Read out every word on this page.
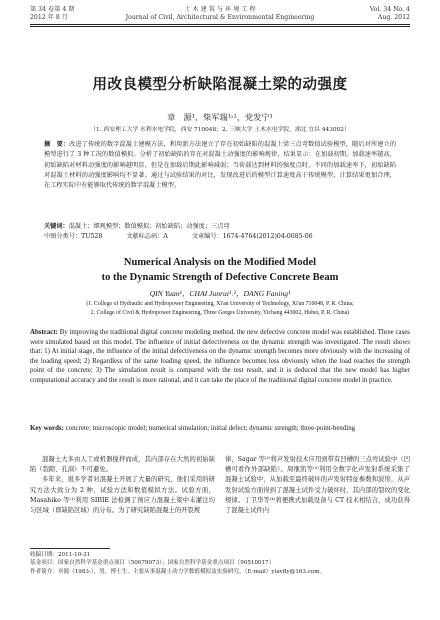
第 34 卷第 4 期
2012 年 8 月
土 木 建 筑 与 环 境 工 程
Journal of Civil, Architectural & Environmental Engineering
Vol. 34 No. 4
Aug. 2012
用改良模型分析缺陷混凝土梁的动强度
章　源¹，柴军瑞¹˒²，党发宁¹
（1. 西安理工大学 水利水电学院，西安 710048；2. 三峡大学 土木水电学院，湖北 宜昌 443002）
摘　要：改进了传统的数字混凝土建模方法，利用新方法建立了存在初始缺陷的混凝土梁三点弯数值试验模型，随后对所建立的模型进行了 3 种工况的数值模拟。分析了初始缺陷的存在对混凝土动强度的影响规律，结果显示：在加载初期，加载速率越高，初始缺陷对材料动强度的影响越明显，但是在加载后期此影响减弱；当荷载达到材料的强度点时，不同的加载速率下，初始缺陷对混凝土材料的动强度影响均不显著。通过与试验结果的对比，发现改进后的模型计算速度高于传统模型，计算结果更加合理，在工程实际中有能够取代传统的数字混凝土模型。
关键词：混凝土；细观模型；数值模拟；初始缺陷；动强度；三点弯
中图分类号：TU528	文献标志码：A	文章编号：1674-4764(2012)04-0085-06
Numerical Analysis on the Modified Model
to the Dynamic Strength of Defective Concrete Beam
QIN Yuan¹，CHAI Junrui¹˒²，DANG Faning¹
(1. College of Hydraulic and Hydropower Engineering, Xi'an University of Technology, Xi'an 710048, P. R. China;
2. College of Civil & Hydropower Engineering, Three Gorges University, Yichang 443002, Hubei, P. R. China)
Abstract: By improving the traditional digital concrete modeling method, the new defective concrete model was established. Three cases were simulated based on this model. The influence of initial defectiveness on the dynamic strength was investigated. The result shows that: 1) At initial stage, the influence of the initial defectiveness on the dynamic strength becomes more obviously with the increasing of the loading speed; 2) Regardless of the same loading speed, the influence becomes less obviously when the load reaches the strength point of the concrete; 3) The simulation result is compared with the test result, and it is deduced that the new model has higher computational accuracy and the result is more rational, and it can take the place of the traditional digital concrete model in practice.
Key words: concrete; microscopic model; numerical simulation; initial defect; dynamic strength; three-point-bending
混凝土大多由人工或机器搅拌而成，其内部存在大然的初始缺陷（裂隙、孔洞）不可避免。
多年来，很多学者对混凝土开展了大量的研究，他们采用的研究方法大致分为 2 种，试验方法和数值模拟方法。试验方面，Masahiko 等⁽¹⁾利用 SIBIE 法检测了预应力混凝土梁中未灌注均匀区域（即缺陷区域）的分布。为了研究缺陷混凝土的开裂规
律，Sagar 等⁽²⁾将声发射技术应用到带有凹槽的三点弯试验中（凹槽可看作外部缺陷）。周继凯等⁽³⁾利用全数字化声发射系统采集了混凝土试验中，从加载至最终破坏的声发射特征参数和波形，从声发射试验方面得到了混凝土试件受力破坏时，其内部的裂纹的变化规律。丁卫华等⁽⁴⁾将便携式加载设备与 CT 技术相结合，成功获得了混凝土试件内
收稿日期：2011-10-31
基金项目：国家自然科学基金重点项目（50679073）；国家自然科学基金重点项目（90510017）
作者简介：章源（1983-），男，博士生，主要从事混凝土动力学数值模拟及实验研究，（E-mail）ylavfly@163.com。
